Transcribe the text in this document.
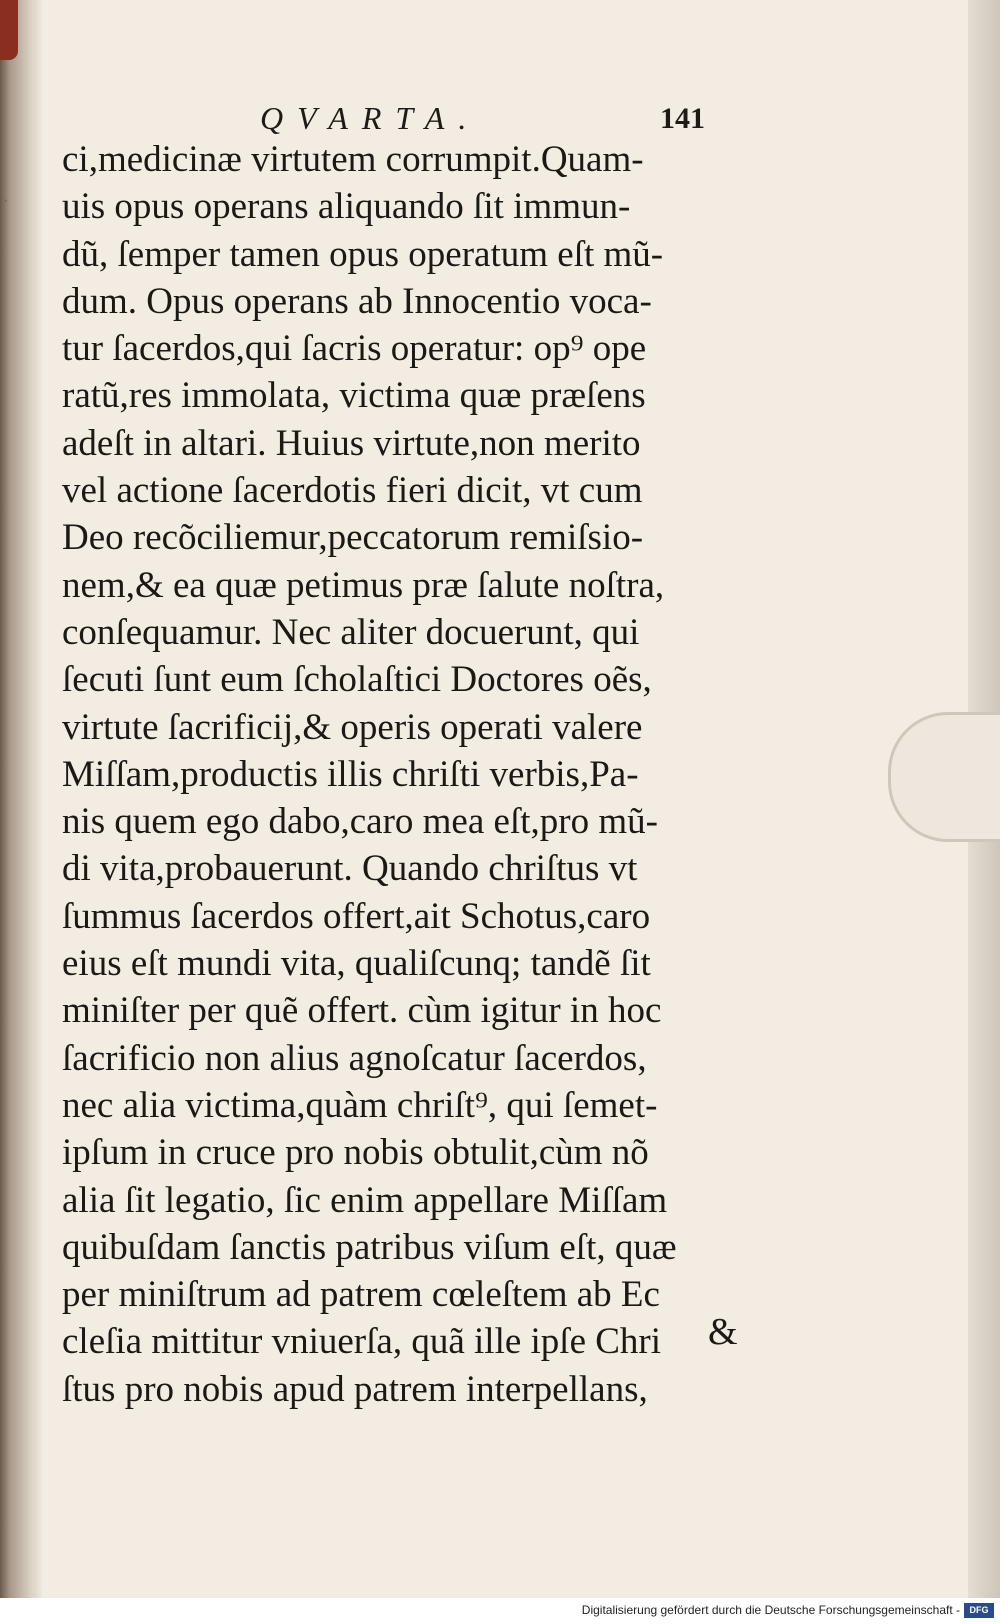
·
QVARTA.	141
ci,medicinæ virtutem corrumpit.Quam-
uis opus operans aliquando ſit immun-
dũ, ſemper tamen opus operatum eſt mũ-
dum. Opus operans ab Innocentio voca-
tur ſacerdos,qui ſacris operatur: op⁹ ope
ratũ,res immolata, victima quæ præſens
adeſt in altari. Huius virtute,non merito
vel actione ſacerdotis fieri dicit, vt cum
Deo recõciliemur,peccatorum remiſsio-
nem,& ea quæ petimus præ ſalute noſtra,
conſequamur. Nec aliter docuerunt, qui
ſecuti ſunt eum ſcholaſtici Doctores oẽs,
virtute ſacrificij,& operis operati valere
Miſſam,productis illis chriſti verbis,Pa-
nis quem ego dabo,caro mea eſt,pro mũ-
di vita,probauerunt. Quando chriſtus vt
ſummus ſacerdos offert,ait Schotus,caro
eius eſt mundi vita, qualiſcunq; tandẽ ſit
miniſter per quẽ offert. cùm igitur in hoc
ſacrificio non alius agnoſcatur ſacerdos,
nec alia victima,quàm chriſt⁹, qui ſemet-
ipſum in cruce pro nobis obtulit,cùm nõ
alia ſit legatio, ſic enim appellare Miſſam
quibuſdam ſanctis patribus viſum eſt, quæ
per miniſtrum ad patrem cœleſtem ab Ec
cleſia mittitur vniuerſa, quã ille ipſe Chri
ſtus pro nobis apud patrem interpellans,
&
Digitalisierung gefördert durch die Deutsche Forschungsgemeinschaft -	DFG
